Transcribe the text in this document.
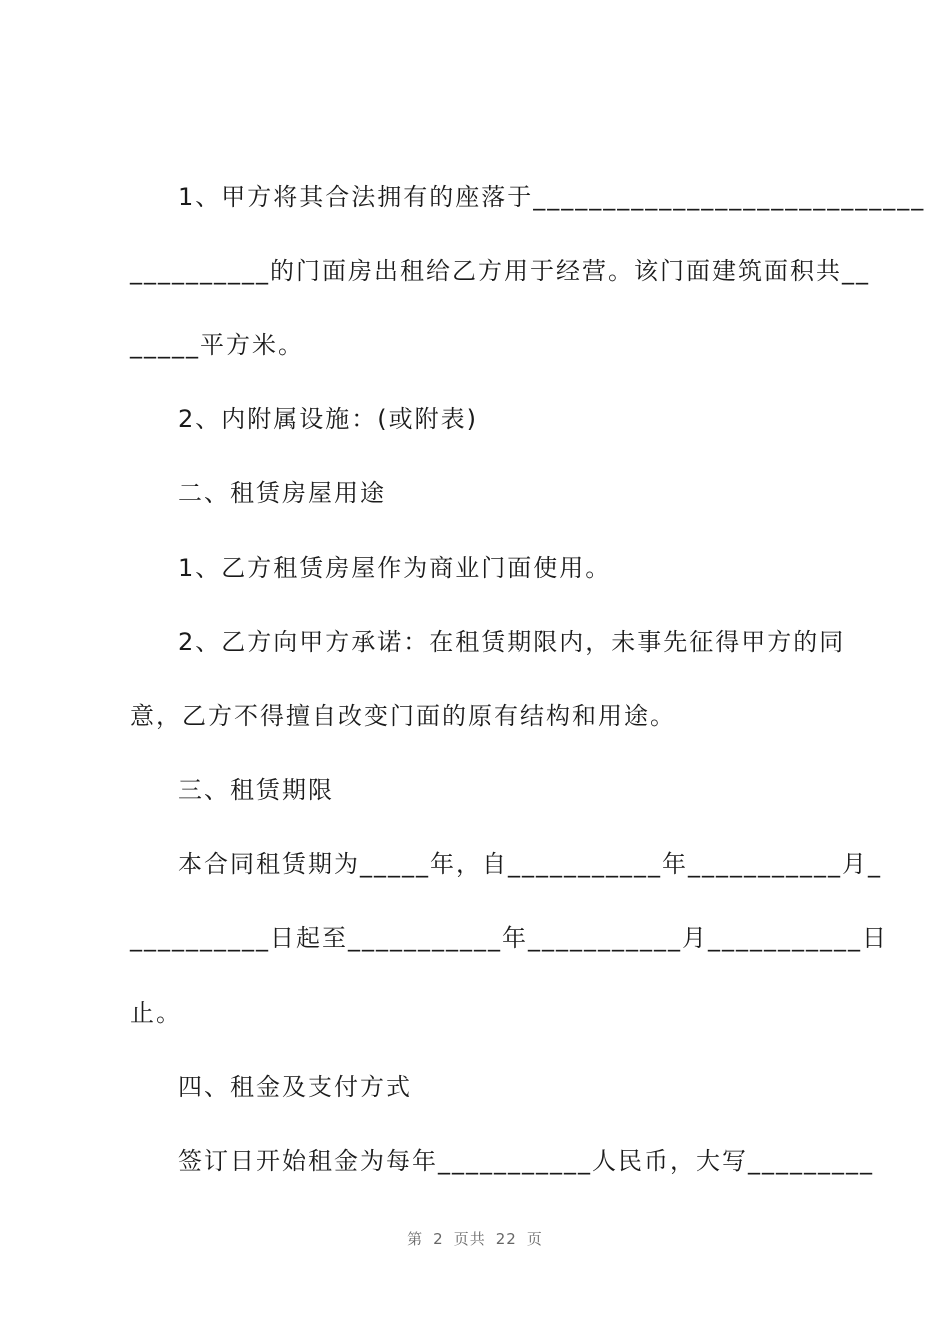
1、甲方将其合法拥有的座落于____________________________
__________的门面房出租给乙方用于经营。该门面建筑面积共__
_____平方米。
2、内附属设施：(或附表)
二、租赁房屋用途
1、乙方租赁房屋作为商业门面使用。
2、乙方向甲方承诺：在租赁期限内，未事先征得甲方的同
意，乙方不得擅自改变门面的原有结构和用途。
三、租赁期限
本合同租赁期为_____年，自___________年___________月_
__________日起至___________年___________月___________日
止。
四、租金及支付方式
签订日开始租金为每年___________人民币，大写_________
第 2 页共 22 页
